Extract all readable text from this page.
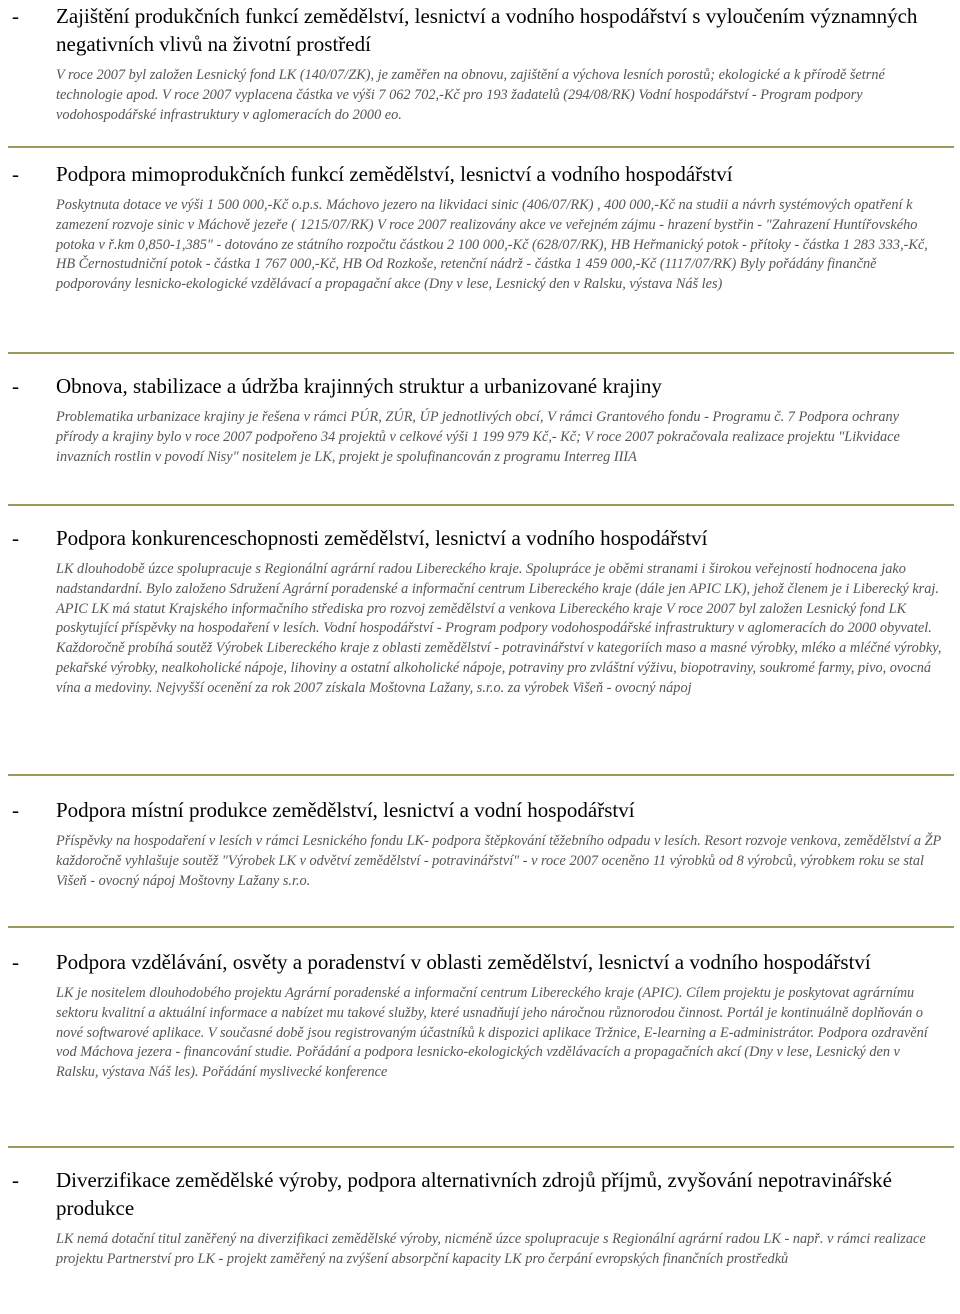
- Zajištění produkčních funkcí zemědělství, lesnictví a vodního hospodářství s vyloučením významných negativních vlivů na životní prostředí
V roce 2007 byl založen Lesnický fond LK (140/07/ZK), je zaměřen na obnovu, zajištění a výchova lesních porostů; ekologické a k přírodě šetrné technologie apod. V roce 2007 vyplacena částka ve výši 7 062 702,-Kč pro 193 žadatelů (294/08/RK) Vodní hospodářství - Program podpory vodohospodářské infrastruktury v aglomeracích do 2000 eo.
- Podpora mimoprodukčních funkcí zemědělství, lesnictví a vodního hospodářství
Poskytnuta dotace ve výši 1 500 000,-Kč o.p.s. Máchovo jezero na likvidaci sinic (406/07/RK) , 400 000,-Kč na studii a návrh systémových opatření k zamezení rozvoje sinic v Máchově jezeře ( 1215/07/RK) V roce 2007 realizovány akce ve veřejném zájmu - hrazení bystřin - "Zahrazení Huntířovského potoka v ř.km 0,850-1,385" - dotováno ze státního rozpočtu částkou 2 100 000,-Kč (628/07/RK), HB Heřmanický potok - přítoky - částka 1 283 333,-Kč, HB Černostudniční potok - částka 1 767 000,-Kč, HB Od Rozkoše, retenční nádrž - částka 1 459 000,-Kč (1117/07/RK) Byly pořádány finančně podporovány lesnicko-ekologické vzdělávací a propagační akce (Dny v lese, Lesnický den v Ralsku, výstava Náš les)
- Obnova, stabilizace a údržba krajinných struktur a urbanizované krajiny
Problematika urbanizace krajiny je řešena v rámci PÚR, ZÚR, ÚP jednotlivých obcí, V rámci Grantového fondu - Programu č. 7 Podpora ochrany přírody a krajiny bylo v roce 2007 podpořeno 34 projektů v celkové výši 1 199 979 Kč,- Kč; V roce 2007 pokračovala realizace projektu "Likvidace invazních rostlin v povodí Nisy" nositelem je LK, projekt je spolufinancován z programu Interreg IIIA
- Podpora konkurenceschopnosti zemědělství, lesnictví a vodního hospodářství
LK dlouhodobě úzce spolupracuje s Regionální agrární radou Libereckého kraje. Spolupráce je oběmi stranami i širokou veřejností hodnocena jako nadstandardní. Bylo založeno Sdružení Agrární poradenské a informační centrum Libereckého kraje (dále jen APIC LK), jehož členem je i Liberecký kraj. APIC LK má statut Krajského informačního střediska pro rozvoj zemědělství a venkova Libereckého kraje V roce 2007 byl založen Lesnický fond LK poskytující příspěvky na hospodaření v lesích. Vodní hospodářství - Program podpory vodohospodářské infrastruktury v aglomeracích do 2000 obyvatel. Každoročně probíhá soutěž Výrobek Libereckého kraje z oblasti zemědělství - potravinářství v kategoriích maso a masné výrobky, mléko a mléčné výrobky, pekařské výrobky, nealkoholické nápoje, lihoviny a ostatní alkoholické nápoje, potraviny pro zvláštní výživu, biopotraviny, soukromé farmy, pivo, ovocná vína a medoviny. Nejvyšší ocenění za rok 2007 získala Moštovna Lažany, s.r.o. za výrobek Višeň - ovocný nápoj
- Podpora místní produkce zemědělství, lesnictví a vodní hospodářství
Příspěvky na hospodaření v lesích v rámci Lesnického fondu LK- podpora štěpkování těžebního odpadu v lesích. Resort rozvoje venkova, zemědělství a ŽP každoročně vyhlašuje soutěž "Výrobek LK v odvětví zemědělství - potravinářství" - v roce 2007 oceněno 11 výrobků od 8 výrobců, výrobkem roku se stal Višeň - ovocný nápoj Moštovny Lažany s.r.o.
- Podpora vzdělávání, osvěty a poradenství v oblasti zemědělství, lesnictví a vodního hospodářství
LK je nositelem dlouhodobého projektu Agrární poradenské a informační centrum Libereckého kraje (APIC). Cílem projektu je poskytovat agrárnímu sektoru kvalitní a aktuální informace a nabízet mu takové služby, které usnadňují jeho náročnou různorodou činnost. Portál je kontinuálně doplňován o nové softwarové aplikace. V současné době jsou registrovaným účastníků k dispozici aplikace Tržnice, E-learning a E-administrátor. Podpora ozdravění vod Máchova jezera - financování studie. Pořádání a podpora lesnicko-ekologických vzdělávacích a propagačních akcí (Dny v lese, Lesnický den v Ralsku, výstava Náš les). Pořádání myslivecké konference
- Diverzifikace zemědělské výroby, podpora alternativních zdrojů příjmů, zvyšování nepotravinářské produkce
LK nemá dotační titul zaněřený na diverzifikaci zemědělské výroby, nicméně úzce spolupracuje s Regionální agrární radou LK - např. v rámci realizace projektu Partnerství pro LK - projekt zaměřený na zvýšení absorpční kapacity LK pro čerpání evropských finančních prostředků
